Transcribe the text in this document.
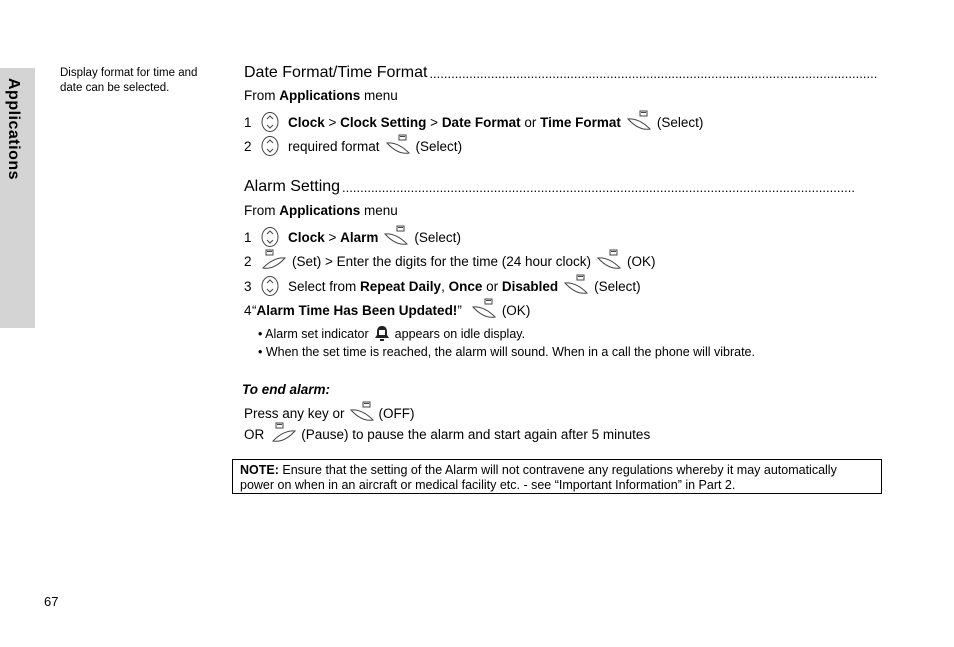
Applications
Display format for time and date can be selected.
Date Format/Time Format ............................................................................................................................
From Applications menu
1	Clock > Clock Setting > Date Format or Time Format	(Select)
2	required format	(Select)
Alarm Setting ..............................................................................................................................................
From Applications menu
1	Clock > Alarm	(Select)
2	(Set) > Enter the digits for the time (24 hour clock)	(OK)
3	Select from Repeat Daily , Once or Disabled	(Select)
4 “ Alarm Time Has Been Updated! ”	(OK)
• Alarm set indicator appears on idle display.
• When the set time is reached, the alarm will sound. When in a call the phone will vibrate.
To end alarm:
Press any key or	(OFF)
OR	(Pause) to pause the alarm and start again after 5 minutes
NOTE: Ensure that the setting of the Alarm will not contravene any regulations whereby it may automatically power on when in an aircraft or medical facility etc. - see “Important Information” in Part 2.
67
